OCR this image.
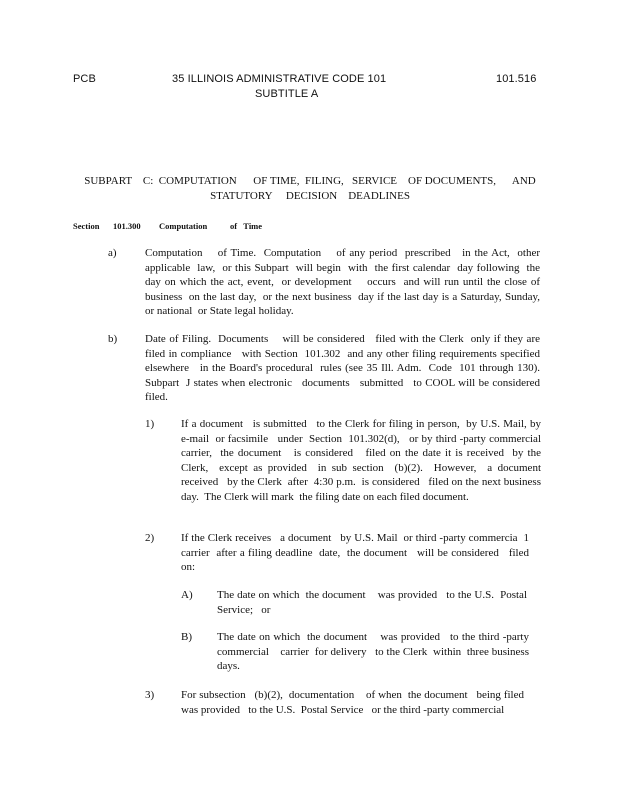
PCB	35 ILLINOIS ADMINISTRATIVE CODE 101
SUBTITLE A
101.516
SUBPART    C:  COMPUTATION      OF TIME,  FILING,   SERVICE    OF DOCUMENTS,      AND
STATUTORY     DECISION    DEADLINES
Section 101.300 Computation	of   Time
a)	Computation    of Time.  Computation    of any period  prescribed   in the Act,  other applicable  law,  or this Subpart  will begin  with  the first calendar  day following  the day on which the act, event,  or development    occurs  and will run until the close of business  on the last day,  or the next business  day if the last day is a Saturday, Sunday,  or national  or State legal holiday.
b)	Date of Filing.  Documents    will be considered   filed with the Clerk  only if they are filed in compliance   with Section  101.302  and any other filing requirements specified  elsewhere   in the Board's procedural  rules (see 35 Ill. Adm.  Code  101 through 130).  Subpart  J states when electronic   documents   submitted   to COOL will be considered    filed.
1) If a document   is submitted   to the Clerk for filing in person,  by U.S. Mail, by e-mail  or facsimile   under  Section  101.302(d),   or by third -party commercial    carrier,  the document   is considered   filed on the date it is received  by the Clerk,  except as provided  in sub section  (b)(2).  However,  a document   received   by the Clerk  after  4:30 p.m.  is considered   filed on the next business  day.  The Clerk will mark  the filing date on each filed document.
2) If the Clerk receives   a document   by U.S. Mail  or third -party commercia  1 carrier  after a filing deadline  date,  the document   will be considered   filed on:
A) The date on which  the document    was provided   to the U.S.  Postal Service;   or
B) The date on which  the document    was provided   to the third -party commercial    carrier  for delivery   to the Clerk  within  three business days.
3) For subsection   (b)(2),  documentation    of when  the document   being filed was provided   to the U.S.  Postal Service   or the third -party commercial
